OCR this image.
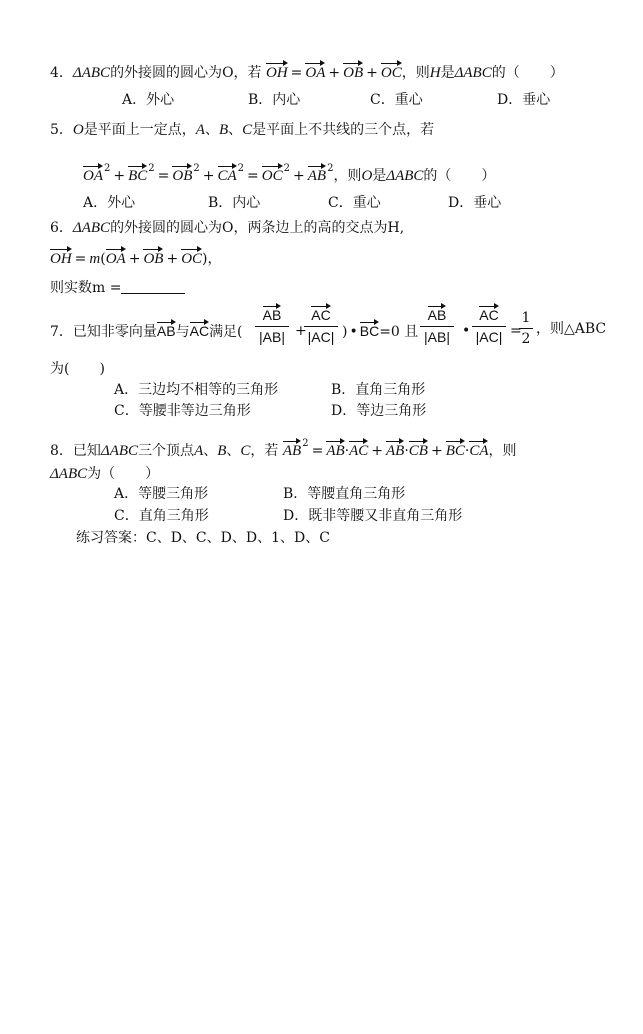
4．ΔABC的外接圆的圆心为O，若 OH = OA + OB + OC，则H是ΔABC的（ ）
A．外心	B．内心	C．重心	D．垂心
5．O是平面上一定点，A、B、C是平面上不共线的三个点，若
$OA^2 + BC^2 = OB^2 + CA^2 = OC^2 + AB^2$，则O是ΔABC的（ ）
A．外心	B．内心	C．重心	D．垂心
6．ΔABC的外接圆的圆心为O，两条边上的高的交点为H,
OH = m(OA + OB + OC)，
则实数m =
7．已知非零向量AB与AC满足(
AB
|AB| +
AC
|AC| ) • BC=0 且
AB
|AB| •
AC
|AC| =
1
2
，则△ABC
为( )
A．三边均不相等的三角形	B．直角三角形
C．等腰非等边三角形	D．等边三角形
8．已知ΔABC三个顶点A、B、C，若 $AB^2 = AB\cdot AC + AB\cdot CB + BC\cdot CA$，则
ΔABC为（ ）
A．等腰三角形	B．等腰直角三角形
C．直角三角形	D．既非等腰又非直角三角形
练习答案：C、D、C、D、D、1、D、C
